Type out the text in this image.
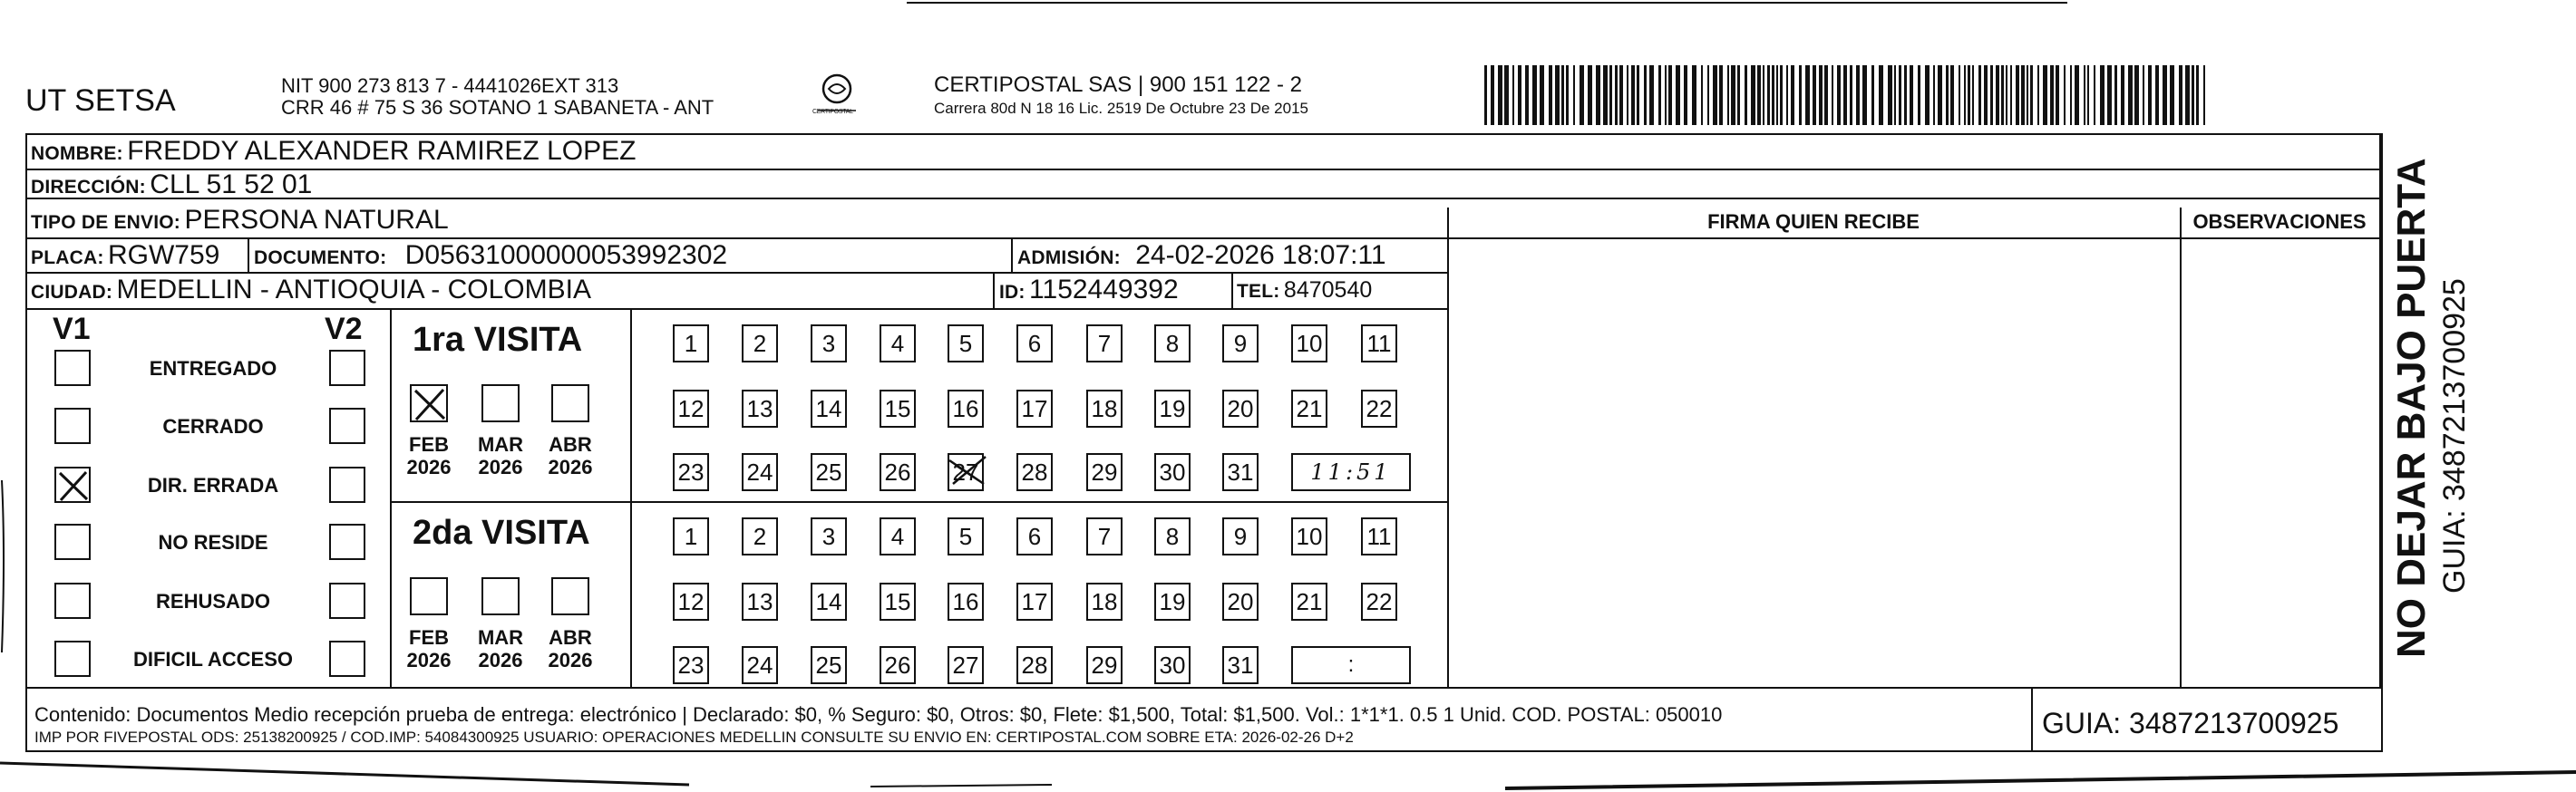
UT SETSA	NIT 900 273 813 7 - 4441026EXT 313
CRR 46 # 75 S 36 SOTANO 1 SABANETA - ANT	CERTIPOSTAL
CERTIPOSTAL SAS | 900 151 122 - 2
Carrera 80d N 18 16 Lic. 2519 De Octubre 23 De 2015
NOMBRE: FREDDY ALEXANDER RAMIREZ LOPEZ
DIRECCIÓN: CLL 51 52 01
TIPO DE ENVIO: PERSONA NATURAL	FIRMA QUIEN RECIBE	OBSERVACIONES
PLACA: RGW759 DOCUMENTO: D05631000000053992302	ADMISIÓN: 24-02-2026 18:07:11
CIUDAD: MEDELLIN - ANTIOQUIA - COLOMBIA	ID: 1152449392	TEL: 8470540
V1	V2
ENTREGADO
CERRADO
DIR. ERRADA
NO RESIDE
REHUSADO
DIFICIL ACCESO
1ra VISITA
FEB
2026
MAR
2026
ABR
2026
1	2	3	4	5	6	7	8	9	10 11
12 13 14 15 16 17 18 19 20 21 22
23 24 25 26 27 28 29 30 31	11:51
2da VISITA
FEB
2026
MAR
2026
ABR
2026
1	2	3	4	5	6	7	8	9	10 11
12 13 14 15 16 17 18 19 20 21 22
23 24 25 26 27 28 29 30 31	:
Contenido: Documentos Medio recepción prueba de entrega: electrónico | Declarado: $0, % Seguro: $0, Otros: $0, Flete: $1,500, Total: $1,500. Vol.: 1*1*1. 0.5 1 Unid. COD. POSTAL: 050010
IMP POR FIVEPOSTAL ODS: 25138200925 / COD.IMP: 54084300925 USUARIO: OPERACIONES MEDELLIN CONSULTE SU ENVIO EN: CERTIPOSTAL.COM SOBRE ETA: 2026-02-26 D+2	GUIA: 3487213700925
NO DEJAR BAJO PUERTA GUIA: 3487213700925
